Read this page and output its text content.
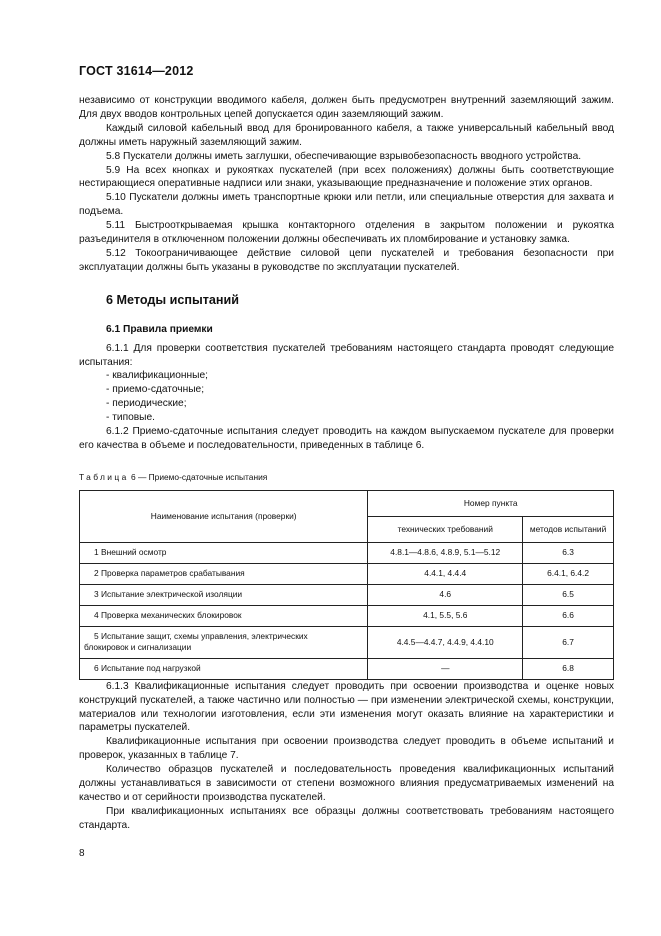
ГОСТ 31614—2012

независимо от конструкции вводимого кабеля, должен быть предусмотрен внутренний заземляющий зажим. Для двух вводов контрольных цепей допускается один заземляющий зажим.

Каждый силовой кабельный ввод для бронированного кабеля, а также универсальный кабельный ввод должны иметь наружный заземляющий зажим.

5.8 Пускатели должны иметь заглушки, обеспечивающие взрывобезопасность вводного устройства.

5.9 На всех кнопках и рукоятках пускателей (при всех положениях) должны быть соответствующие нестирающиеся оперативные надписи или знаки, указывающие предназначение и положение этих органов.

5.10 Пускатели должны иметь транспортные крюки или петли, или специальные отверстия для захвата и подъема.

5.11 Быстрооткрываемая крышка контакторного отделения в закрытом положении и рукоятка разъединителя в отключенном положении должны обеспечивать их пломбирование и установку замка.

5.12 Токоограничивающее действие силовой цепи пускателей и требования безопасности при эксплуатации должны быть указаны в руководстве по эксплуатации пускателей.

6 Методы испытаний
6.1 Правила приемки

6.1.1 Для проверки соответствия пускателей требованиям настоящего стандарта проводят следующие испытания:

- квалификационные;

- приемо-сдаточные;

- периодические;

- типовые.

6.1.2 Приемо-сдаточные испытания следует проводить на каждом выпускаемом пускателе для проверки его качества в объеме и последовательности, приведенных в таблице 6.

Таблица 6 — Приемо-сдаточные испытания
Наименование испытания (проверки)	Номер пункта	
	технических требований	методов испытаний
1 Внешний осмотр	4.8.1—4.8.6, 4.8.9, 5.1—5.12	6.3
2 Проверка параметров срабатывания	4.4.1, 4.4.4	6.4.1, 6.4.2
3 Испытание электрической изоляции	4.6	6.5
4 Проверка механических блокировок	4.1, 5.5, 5.6	6.6
5 Испытание защит, схемы управления, электрических
блокировок и сигнализации	4.4.5—4.4.7, 4.4.9, 4.4.10	6.7
6 Испытание под нагрузкой	—	6.8

6.1.3 Квалификационные испытания следует проводить при освоении производства и оценке новых конструкций пускателей, а также частично или полностью — при изменении электрической схемы, конструкции, материалов или технологии изготовления, если эти изменения могут оказать влияние на характеристики и параметры пускателей.

Квалификационные испытания при освоении производства следует проводить в объеме испытаний и проверок, указанных в таблице 7.

Количество образцов пускателей и последовательность проведения квалификационных испытаний должны устанавливаться в зависимости от степени возможного влияния предусматриваемых изменений на качество и от серийности производства пускателей.

При квалификационных испытаниях все образцы должны соответствовать требованиям настоящего стандарта.

8
